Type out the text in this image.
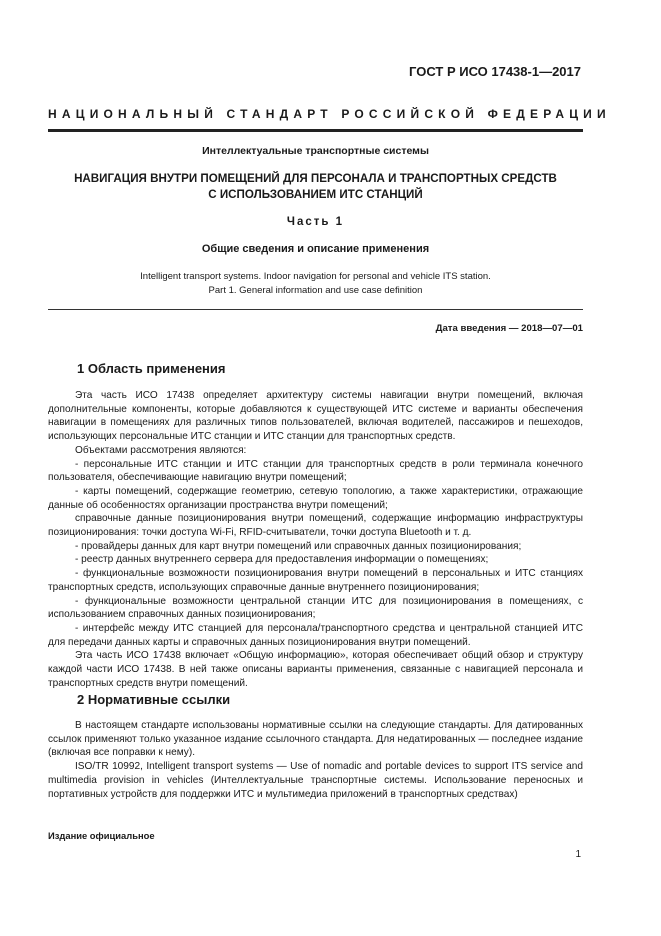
ГОСТ Р ИСО 17438-1—2017
НАЦИОНАЛЬНЫЙ СТАНДАРТ РОССИЙСКОЙ ФЕДЕРАЦИИ
Интеллектуальные транспортные системы
НАВИГАЦИЯ ВНУТРИ ПОМЕЩЕНИЙ ДЛЯ ПЕРСОНАЛА И ТРАНСПОРТНЫХ СРЕДСТВ
С ИСПОЛЬЗОВАНИЕМ ИТС СТАНЦИЙ
Часть 1
Общие сведения и описание применения
Intelligent transport systems. Indoor navigation for personal and vehicle ITS station.
Part 1. General information and use case definition
Дата введения — 2018—07—01
1 Область применения

Эта часть ИСО 17438 определяет архитектуру системы навигации внутри помещений, включая дополнительные компоненты, которые добавляются к существующей ИТС системе и варианты обеспечения навигации в помещениях для различных типов пользователей, включая водителей, пассажиров и пешеходов, использующих персональные ИТС станции и ИТС станции для транспортных средств.

Объектами рассмотрения являются:

- персональные ИТС станции и ИТС станции для транспортных средств в роли терминала конечного пользователя, обеспечивающие навигацию внутри помещений;

- карты помещений, содержащие геометрию, сетевую топологию, а также характеристики, отражающие данные об особенностях организации пространства внутри помещений;

справочные данные позиционирования внутри помещений, содержащие информацию инфраструктуры позиционирования: точки доступа Wi-Fi, RFID-считыватели, точки доступа Bluetooth и т. д.

- провайдеры данных для карт внутри помещений или справочных данных позиционирования;

- реестр данных внутреннего сервера для предоставления информации о помещениях;

- функциональные возможности позиционирования внутри помещений в персональных и ИТС станциях транспортных средств, использующих справочные данные внутреннего позиционирования;

- функциональные возможности центральной станции ИТС для позиционирования в помещениях, с использованием справочных данных позиционирования;

- интерфейс между ИТС станцией для персонала/транспортного средства и центральной станцией ИТС для передачи данных карты и справочных данных позиционирования внутри помещений.

Эта часть ИСО 17438 включает «Общую информацию», которая обеспечивает общий обзор и структуру каждой части ИСО 17438. В ней также описаны варианты применения, связанные с навигацией персонала и транспортных средств внутри помещений.

2 Нормативные ссылки

В настоящем стандарте использованы нормативные ссылки на следующие стандарты. Для датированных ссылок применяют только указанное издание ссылочного стандарта. Для недатированных — последнее издание (включая все поправки к нему).

ISO/TR 10992, Intelligent transport systems — Use of nomadic and portable devices to support ITS service and multimedia provision in vehicles (Интеллектуальные транспортные системы. Использование переносных и портативных устройств для поддержки ИТС и мультимедиа приложений в транспортных средствах)

Издание официальное
1
